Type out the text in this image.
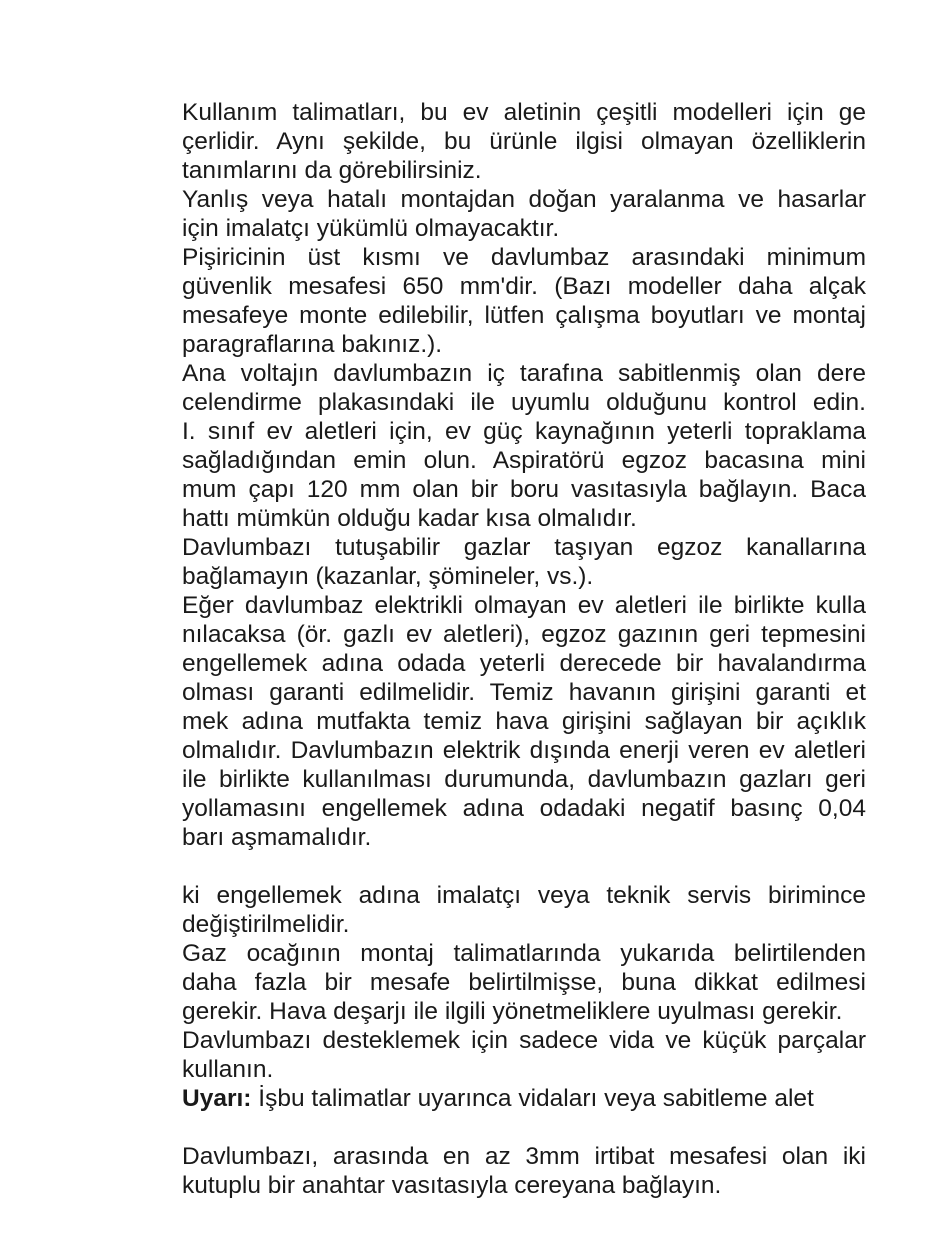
Kullanım talimatları, bu ev aletinin çeşitli modelleri için ge
çerlidir. Aynı şekilde, bu ürünle ilgisi olmayan özelliklerin
tanımlarını da görebilirsiniz.
Yanlış veya hatalı montajdan doğan yaralanma ve hasarlar
için imalatçı yükümlü olmayacaktır.
Pişiricinin üst kısmı ve davlumbaz arasındaki minimum
güvenlik mesafesi 650 mm'dir. (Bazı modeller daha alçak
mesafeye monte edilebilir, lütfen çalışma boyutları ve montaj
paragraflarına bakınız.).
Ana voltajın davlumbazın iç tarafına sabitlenmiş olan dere
celendirme plakasındaki ile uyumlu olduğunu kontrol edin.
I. sınıf ev aletleri için, ev güç kaynağının yeterli topraklama
sağladığından emin olun. Aspiratörü egzoz bacasına mini
mum çapı 120 mm olan bir boru vasıtasıyla bağlayın. Baca
hattı mümkün olduğu kadar kısa olmalıdır.
Davlumbazı tutuşabilir gazlar taşıyan egzoz kanallarına
bağlamayın (kazanlar, şömineler, vs.).
Eğer davlumbaz elektrikli olmayan ev aletleri ile birlikte kulla
nılacaksa (ör. gazlı ev aletleri), egzoz gazının geri tepmesini
engellemek adına odada yeterli derecede bir havalandırma
olması garanti edilmelidir. Temiz havanın girişini garanti et
mek adına mutfakta temiz hava girişini sağlayan bir açıklık
olmalıdır. Davlumbazın elektrik dışında enerji veren ev aletleri
ile birlikte kullanılması durumunda, davlumbazın gazları geri
yollamasını engellemek adına odadaki negatif basınç 0,04
barı aşmamalıdır.
ki engellemek adına imalatçı veya teknik servis birimince
değiştirilmelidir.
Gaz ocağının montaj talimatlarında yukarıda belirtilenden
daha fazla bir mesafe belirtilmişse, buna dikkat edilmesi
gerekir. Hava deşarjı ile ilgili yönetmeliklere uyulması gerekir.
Davlumbazı desteklemek için sadece vida ve küçük parçalar
kullanın.
Uyarı: İşbu talimatlar uyarınca vidaları veya sabitleme alet
Davlumbazı, arasında en az 3mm irtibat mesafesi olan iki
kutuplu bir anahtar vasıtasıyla cereyana bağlayın.
